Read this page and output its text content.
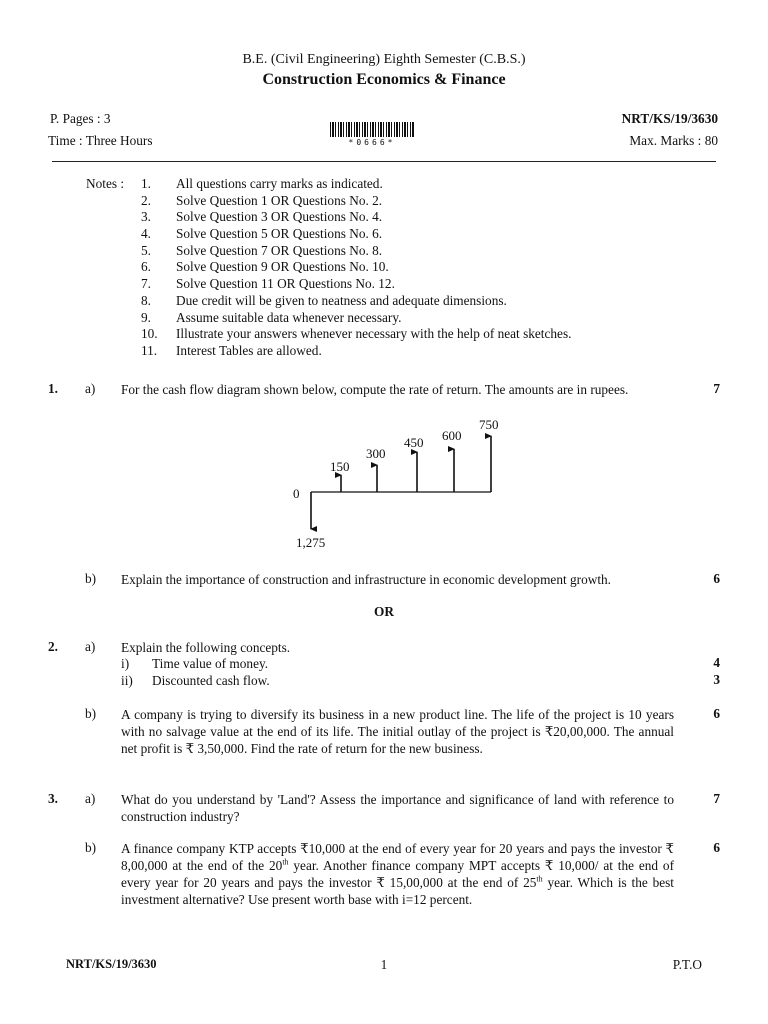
B.E. (Civil Engineering) Eighth Semester (C.B.S.)
Construction Economics & Finance
P. Pages : 3
Time : Three Hours
NRT/KS/19/3630
Max. Marks : 80
*0666*
Notes :	1. All questions carry marks as indicated.
2. Solve Question 1 OR Questions No. 2.
3. Solve Question 3 OR Questions No. 4.
4. Solve Question 5 OR Questions No. 6.
5. Solve Question 7 OR Questions No. 8.
6. Solve Question 9 OR Questions No. 10.
7. Solve Question 11 OR Questions No. 12.
8. Due credit will be given to neatness and adequate dimensions.
9. Assume suitable data whenever necessary.
10. Illustrate your answers whenever necessary with the help of neat sketches.
11. Interest Tables are allowed.
1. a) For the cash flow diagram shown below, compute the rate of return. The amounts are in rupees.	7
0
1,275
150
300
450 600
750
b) Explain the importance of construction and infrastructure in economic development growth.	6
OR
2. a) Explain the following concepts.
i) Time value of money.	4
ii) Discounted cash flow.	3
b) A company is trying to diversify its business in a new product line. The life of the project is 10 years with no salvage value at the end of its life. The initial outlay of the project is ₹20,00,000. The annual net profit is ₹ 3,50,000. Find the rate of return for the new business.
6
3. a) What do you understand by 'Land'? Assess the importance and significance of land with reference to construction industry?
7
b) A finance company KTP accepts ₹10,000 at the end of every year for 20 years and pays the investor ₹ 8,00,000 at the end of the 20th year. Another finance company MPT accepts ₹ 10,000/ at the end of every year for 20 years and pays the investor ₹ 15,00,000 at the end of 25th year. Which is the best investment alternative? Use present worth base with i=12 percent.
6
NRT/KS/19/3630	1	P.T.O
